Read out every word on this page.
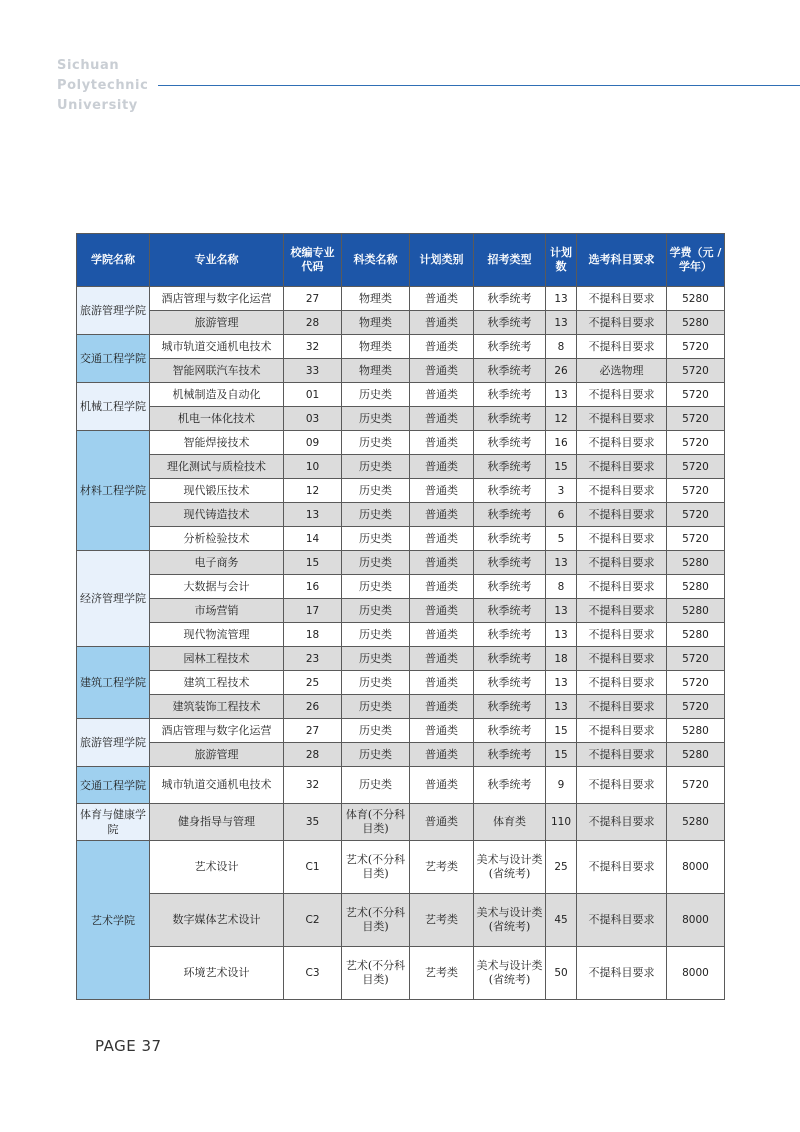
Sichuan
Polytechnic
University
学院名称	专业名称	校编专业代码	科类名称	计划类别	招考类型	计划数	选考科目要求	学费（元 / 学年）
旅游管理学院	酒店管理与数字化运营	27	物理类	普通类	秋季统考	13	不提科目要求	5280
	旅游管理	28	物理类	普通类	秋季统考	13	不提科目要求	5280
交通工程学院	城市轨道交通机电技术	32	物理类	普通类	秋季统考	8	不提科目要求	5720
	智能网联汽车技术	33	物理类	普通类	秋季统考	26	必选物理	5720
机械工程学院	机械制造及自动化	01	历史类	普通类	秋季统考	13	不提科目要求	5720
	机电一体化技术	03	历史类	普通类	秋季统考	12	不提科目要求	5720
材料工程学院	智能焊接技术	09	历史类	普通类	秋季统考	16	不提科目要求	5720
	理化测试与质检技术	10	历史类	普通类	秋季统考	15	不提科目要求	5720
	现代锻压技术	12	历史类	普通类	秋季统考	3	不提科目要求	5720
	现代铸造技术	13	历史类	普通类	秋季统考	6	不提科目要求	5720
	分析检验技术	14	历史类	普通类	秋季统考	5	不提科目要求	5720
经济管理学院	电子商务	15	历史类	普通类	秋季统考	13	不提科目要求	5280
	大数据与会计	16	历史类	普通类	秋季统考	8	不提科目要求	5280
	市场营销	17	历史类	普通类	秋季统考	13	不提科目要求	5280
	现代物流管理	18	历史类	普通类	秋季统考	13	不提科目要求	5280
建筑工程学院	园林工程技术	23	历史类	普通类	秋季统考	18	不提科目要求	5720
	建筑工程技术	25	历史类	普通类	秋季统考	13	不提科目要求	5720
	建筑装饰工程技术	26	历史类	普通类	秋季统考	13	不提科目要求	5720
旅游管理学院	酒店管理与数字化运营	27	历史类	普通类	秋季统考	15	不提科目要求	5280
	旅游管理	28	历史类	普通类	秋季统考	15	不提科目要求	5280
交通工程学院	城市轨道交通机电技术	32	历史类	普通类	秋季统考	9	不提科目要求	5720
体育与健康学院	健身指导与管理	35	体育(不分科目类)	普通类	体育类	110	不提科目要求	5280
艺术学院	艺术设计	C1	艺术(不分科目类)	艺考类	美术与设计类(省统考)	25	不提科目要求	8000
	数字媒体艺术设计	C2	艺术(不分科目类)	艺考类	美术与设计类(省统考)	45	不提科目要求	8000
	环境艺术设计	C3	艺术(不分科目类)	艺考类	美术与设计类(省统考)	50	不提科目要求	8000
PAGE 37
